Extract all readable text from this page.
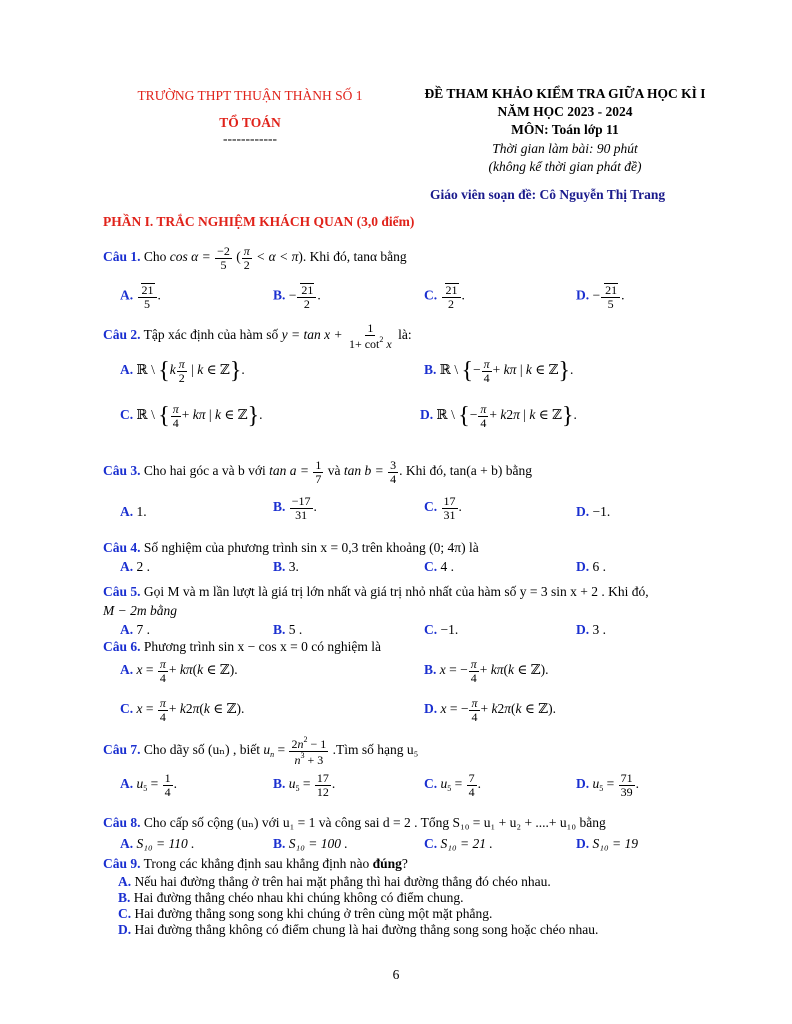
TRƯỜNG THPT THUẬN THÀNH SỐ 1
TỔ TOÁN
------------
ĐỀ THAM KHẢO KIỂM TRA GIỮA HỌC KÌ I
NĂM HỌC 2023 - 2024
MÔN: Toán lớp 11
Thời gian làm bài: 90 phút
(không kể thời gian phát đề)
Giáo viên soạn đề: Cô Nguyễn Thị Trang
PHẦN I. TRẮC NGHIỆM KHÁCH QUAN (3,0 điểm)
Câu 1. Cho $\cos \alpha = \frac{-2}{5}$ ( $\frac{\pi}{2} < \alpha < \pi$). Khi đó, tanα bằng
A. $\frac{21}{5}$ .	B. − $\frac{21}{2}$ .	C. $\frac{21}{2}$ .	D. − $\frac{21}{5}$ .
Câu 2. Tập xác định của hàm số $y = \tan x + \frac{1}{1+ \cot^2 x}$ là:
A. ℝ \ {$k \frac{\pi}{2}$ | k ∈ ℤ}.	B. ℝ \ {− $\frac{\pi}{4} + k\pi$ | k ∈ ℤ}.
C. ℝ \ { $\frac{\pi}{4} + k\pi$ | k ∈ ℤ}.	D. ℝ \ {− $\frac{\pi}{4} + k2\pi$ | k ∈ ℤ}.
Câu 3. Cho hai góc a và b với $\tan a = \frac{1}{7}$ và $\tan b = \frac{3}{4}$ . Khi đó, tan(a + b) bằng
A. 1.	B. $\frac{-17}{31}$ .	C. $\frac{17}{31}$ .	D. −1.
Câu 4. Số nghiệm của phương trình sin x = 0,3 trên khoảng (0; 4π) là
A. 2 .	B. 3.	C. 4 .	D. 6 .
Câu 5. Gọi M và m lần lượt là giá trị lớn nhất và giá trị nhỏ nhất của hàm số y = 3 sin x + 2 . Khi đó,
M − 2m bằng
A. 7 .	B. 5 .	C. −1.	D. 3 .
Câu 6. Phương trình sin x − cos x = 0 có nghiệm là
A. $x = \frac{\pi}{4} + k\pi(k$ ∈ ℤ).	B. x = − $\frac{\pi}{4} + k\pi(k$ ∈ ℤ).
C. $x = \frac{\pi}{4} + k2\pi(k$ ∈ ℤ).	D. x = − $\frac{\pi}{4} + k2\pi(k$ ∈ ℤ).
Câu 7. Cho dãy số (uₙ) , biết $u_n = \frac{2n^2 - 1}{n^3 + 3}$ .Tìm số hạng u₅
A. $u_5 = \frac{1}{4}$ .	B. $u_5 = \frac{17}{12}$ .	C. $u_5 = \frac{7}{4}$ .	D. $u_5 = \frac{71}{39}$ .
Câu 8. Cho cấp số cộng (uₙ) với u₁ = 1 và công sai d = 2 . Tổng S₁₀ = u₁ + u₂ + ....+ u₁₀ bằng
A. S₁₀ = 110 .	B. S₁₀ = 100 .	C. S₁₀ = 21 .	D. S₁₀ = 19
Câu 9. Trong các khẳng định sau khẳng định nào đúng?
A. Nếu hai đường thẳng ở trên hai mặt phẳng thì hai đường thẳng đó chéo nhau.
B. Hai đường thẳng chéo nhau khi chúng không có điểm chung.
C. Hai đường thẳng song song khi chúng ở trên cùng một mặt phẳng.
D. Hai đường thẳng không có điểm chung là hai đường thẳng song song hoặc chéo nhau.
6
